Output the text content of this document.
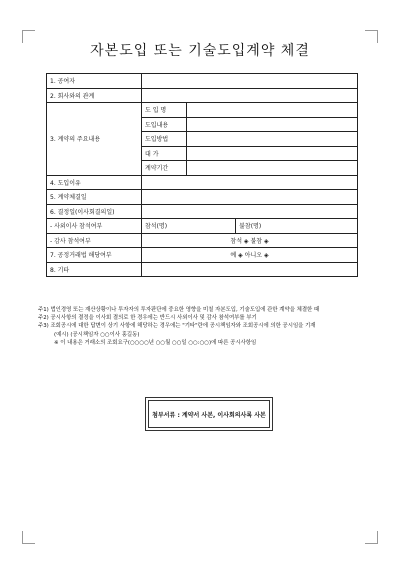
자본도입 또는 기술도입계약 체결
1. 공여자			
2. 회사와의 관계			
3. 계약의 주요내용	도 입 명		
	도입내용		
	도입방법		
	대 가		
	계약기간		
4. 도입이유			
5. 계약체결일			
6. 결정일(이사회결의일)			
- 사외이사 참석여부	참석(명)		불참(명)
- 감사 참석여부	참석 ◈ 불참 ◈		
7. 공정거래법 해당여부	예 ◈ 아니오 ◈		
8. 기타			

주1) 법인경영 또는 재산상황이나 투자자의 투자판단에 중요한 영향을 미칠 자본도입, 기술도입에 관한 계약을 체결한 때

주2) 공시사항의 결정을 이사회 결의로 한 경우에는 반드시 사외이사 및 감사 참석여부를 부기

주3) 조회공시에 대한 답변이 상기 사항에 해당하는 경우에는 "기타"란에 공시책임자와 조회공시에 의한 공시임을 기재

(예시) (공시책임자 ○○이사 홍길동)

※ 이 내용은 거래소의 조회요구(○○○○년 ○○월 ○○일 ○○:○○)에 따른 공시사항임

첨부서류 : 계약서 사본, 이사회의사록 사본
